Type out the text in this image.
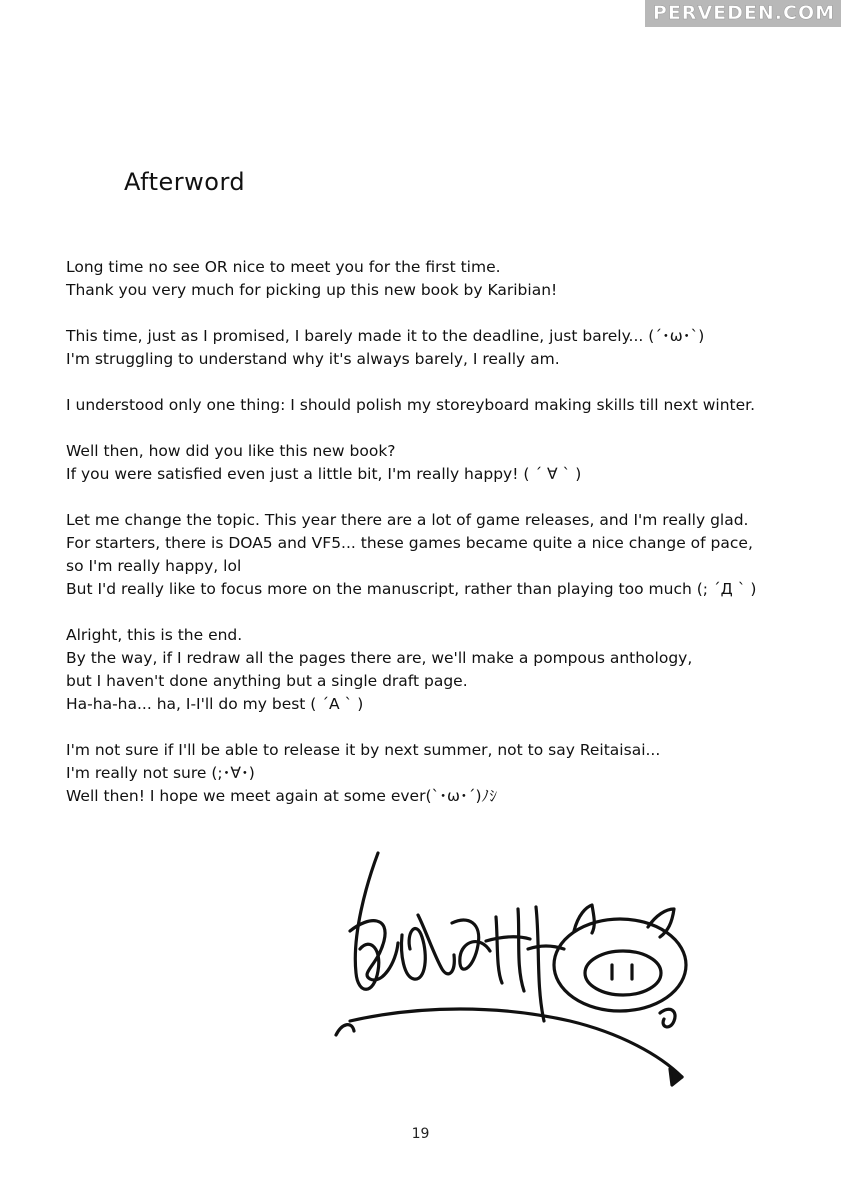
PERVEDEN.COM
Afterword

Long time no see OR nice to meet you for the first time.
Thank you very much for picking up this new book by Karibian!

This time, just as I promised, I barely made it to the deadline, just barely... (´･ω･`)
I'm struggling to understand why it's always barely, I really am.

I understood only one thing: I should polish my storeyboard making skills till next winter.

Well then, how did you like this new book?
If you were satisfied even just a little bit, I'm really happy! ( ´ ∀ ` )

Let me change the topic. This year there are a lot of game releases, and I'm really glad.
For starters, there is DOA5 and VF5... these games became quite a nice change of pace,
so I'm really happy, lol
But I'd really like to focus more on the manuscript, rather than playing too much (; ´Д ` )

Alright, this is the end.
By the way, if I redraw all the pages there are, we'll make a pompous anthology,
but I haven't done anything but a single draft page.
Ha-ha-ha... ha, I-I'll do my best ( ´A ` )

I'm not sure if I'll be able to release it by next summer, not to say Reitaisai...
I'm really not sure (;･∀･)
Well then! I hope we meet again at some ever(`･ω･´)ﾉｼ

19
